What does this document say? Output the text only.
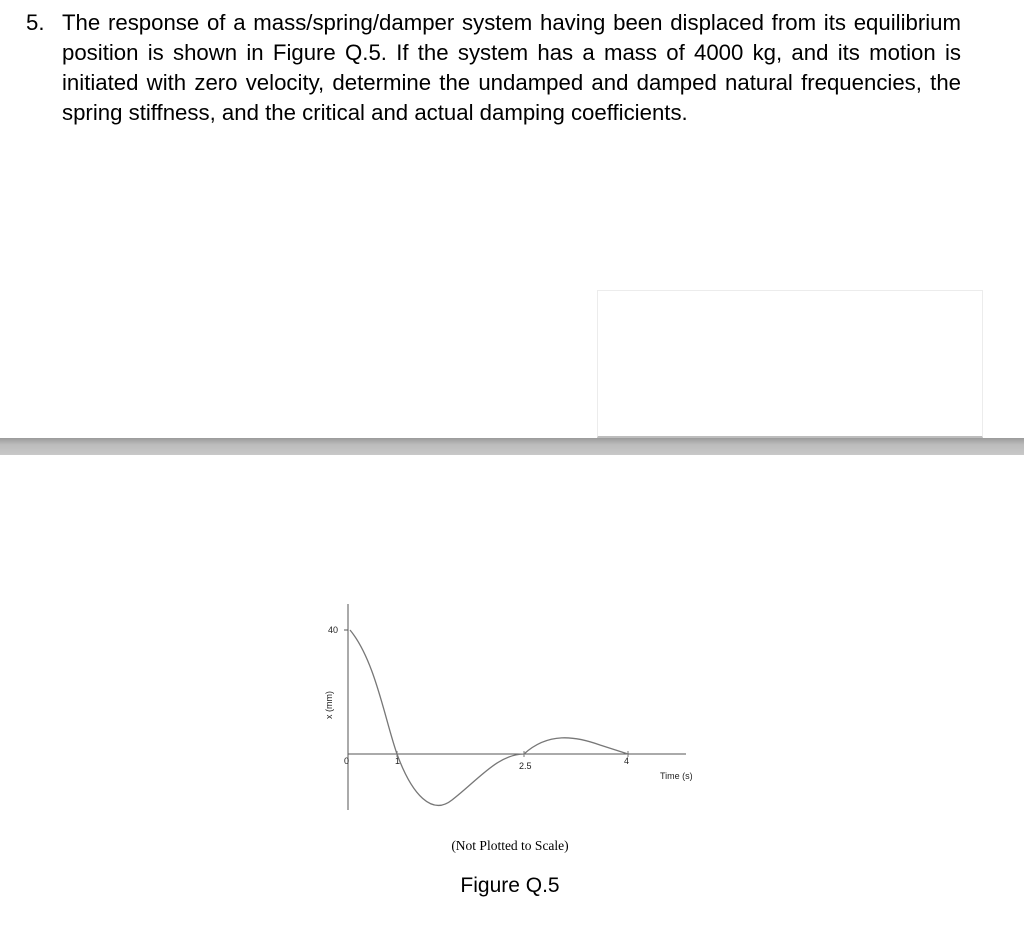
5. The response of a mass/spring/damper system having been displaced from its equilibrium position is shown in Figure Q.5. If the system has a mass of 4000 kg, and its motion is initiated with zero velocity, determine the undamped and damped natural frequencies, the spring stiffness, and the critical and actual damping coefficients.
40
0	1	2.5	4
Time (s)
x (mm)
(Not Plotted to Scale)
Figure Q.5
